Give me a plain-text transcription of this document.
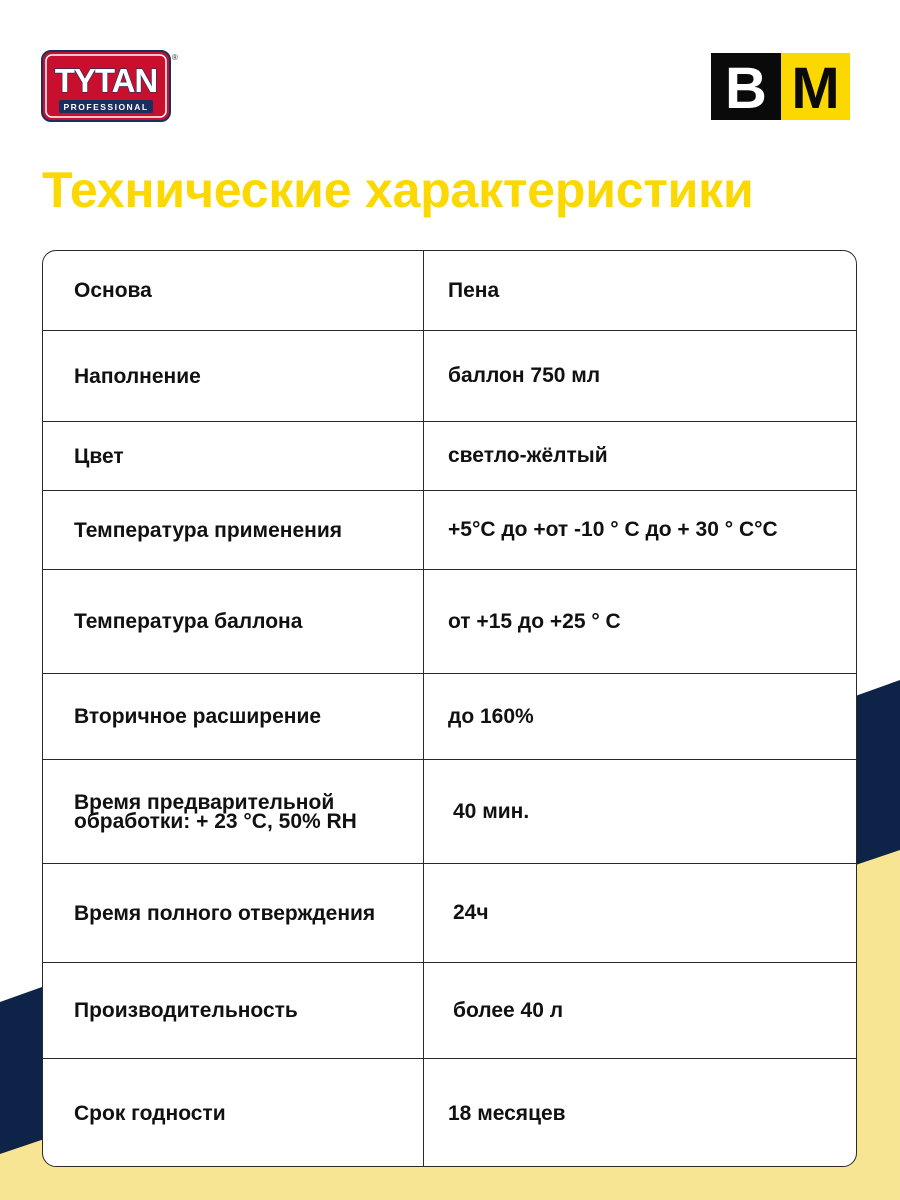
TYTAN
PROFESSIONAL
®	B M
Технические характеристики
Основа	Пена
Наполнение	баллон 750 мл
Цвет	светло-жёлтый
Температура применения	+5°С до +от -10 ° C до + 30 ° C°С
Температура баллона	от +15 до +25 ° C
Вторичное расширение	до 160%
Время предварительной обработки: + 23 °C, 50% RH	40 мин.
Время полного отверждения	24ч
Производительность	более 40 л
Срок годности	18 месяцев
